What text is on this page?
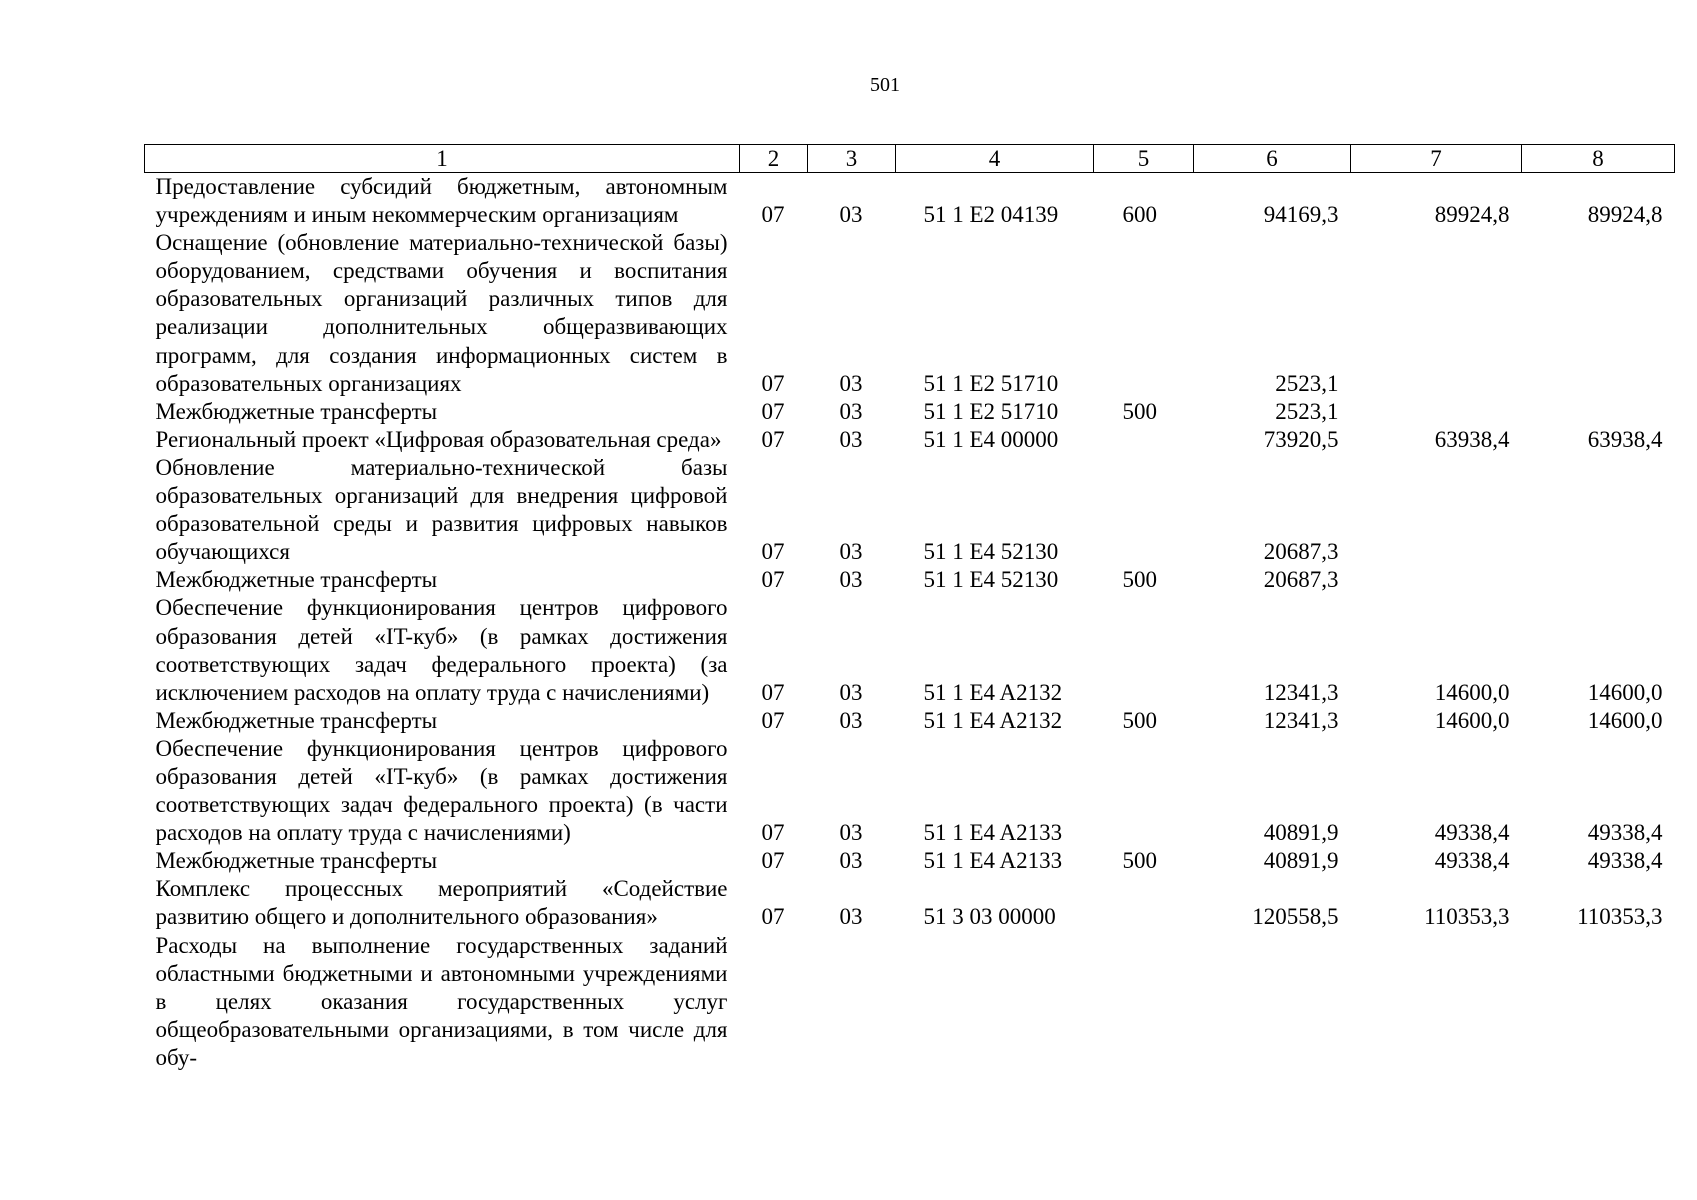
501
1	2	3	4	5	6	7	8
Предоставление субсидий бюджетным, автономным учреждениям и иным некоммерческим организациям	07	03	51 1 E2 04139	600	94169,3	89924,8	89924,8
Оснащение (обновление материально-технической базы) оборудованием, средствами обучения и воспитания образовательных организаций различных типов для реализации дополнительных общеразвивающих программ, для создания информационных систем в образовательных организациях	07	03	51 1 E2 51710		2523,1		
Межбюджетные трансферты	07	03	51 1 E2 51710	500	2523,1		
Региональный проект «Цифровая образовательная среда»	07	03	51 1 E4 00000		73920,5	63938,4	63938,4
Обновление материально-технической базы образовательных организаций для внедрения цифровой образовательной среды и развития цифровых навыков обучающихся	07	03	51 1 E4 52130		20687,3		
Межбюджетные трансферты	07	03	51 1 E4 52130	500	20687,3		
Обеспечение функционирования центров цифрового образования детей «IT-куб» (в рамках достижения соответствующих задач федерального проекта) (за исключением расходов на оплату труда с начислениями)	07	03	51 1 E4 A2132		12341,3	14600,0	14600,0
Межбюджетные трансферты	07	03	51 1 E4 A2132	500	12341,3	14600,0	14600,0
Обеспечение функционирования центров цифрового образования детей «IT-куб» (в рамках достижения соответствующих задач федерального проекта) (в части расходов на оплату труда с начислениями)	07	03	51 1 E4 A2133		40891,9	49338,4	49338,4
Межбюджетные трансферты	07	03	51 1 E4 A2133	500	40891,9	49338,4	49338,4
Комплекс процессных мероприятий «Содействие развитию общего и дополнительного образования»	07	03	51 3 03 00000		120558,5	110353,3	110353,3
Расходы на выполнение государственных заданий областными бюджетными и автономными учреждениями в целях оказания государственных услуг общеобразовательными организациями, в том числе для обу-							
